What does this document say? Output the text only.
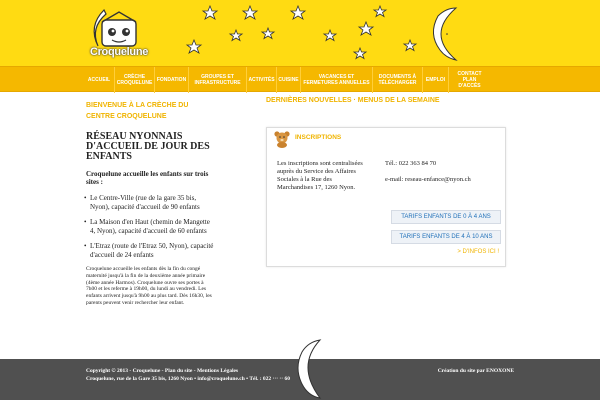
Croquelune
ACCUEIL	CRÈCHE CROQUELUNE FONDATION	GROUPES ET INFRASTRUCTURE	ACTIVITÉS CUISINE	VACANCES ET FERMETURES ANNUELLES
DOCUMENTS À TÉLÉCHARGER	EMPLOI
CONTACT PLAN D'ACCÈS
BIENVENUE À LA CRÈCHE DU CENTRE CROQUELUNE
RÉSEAU NYONNAIS D'ACCUEIL DE JOUR DES ENFANTS
Croquelune accueille les enfants sur trois sites :
• Le Centre-Ville (rue de la gare 35 bis, Nyon), capacité d'accueil de 90 enfants
• La Maison d'en Haut (chemin de Mangette 4, Nyon), capacité d'accueil de 60 enfants
• L'Etraz (route de l'Etraz 50, Nyon), capacité d'accueil de 24 enfants
Croquelune accueille les enfants dès la fin du congé maternité jusqu'à la fin de la deuxième année primaire (4ème année Harmos). Croquelune ouvre ses portes à 7h00 et les referme à 19h00, du lundi au vendredi. Les enfants arrivent jusqu'à 9h00 au plus tard. Dès 16h30, les parents peuvent venir rechercher leur enfant.
DERNIÈRES NOUVELLES · MENUS DE LA SEMAINE
INSCRIPTIONS
Les inscriptions sont centralisées auprès du Service des Affaires Sociales à la Rue des Marchandises 17, 1260 Nyon.
Tél.: 022 363 84 70
e-mail: reseau-enfance@nyon.ch
TARIFS ENFANTS DE 0 À 4 ANS
TARIFS ENFANTS DE 4 À 10 ANS
> D'INFOS ICI !
Copyright © 2013 - Croquelune - Plan du site - Mentions Légales
Croquelune, rue de la Gare 35 bis, 1260 Nyon • info@croquelune.ch • Tél. : 022 ··· ·· 60
Création du site par ENOXONE
